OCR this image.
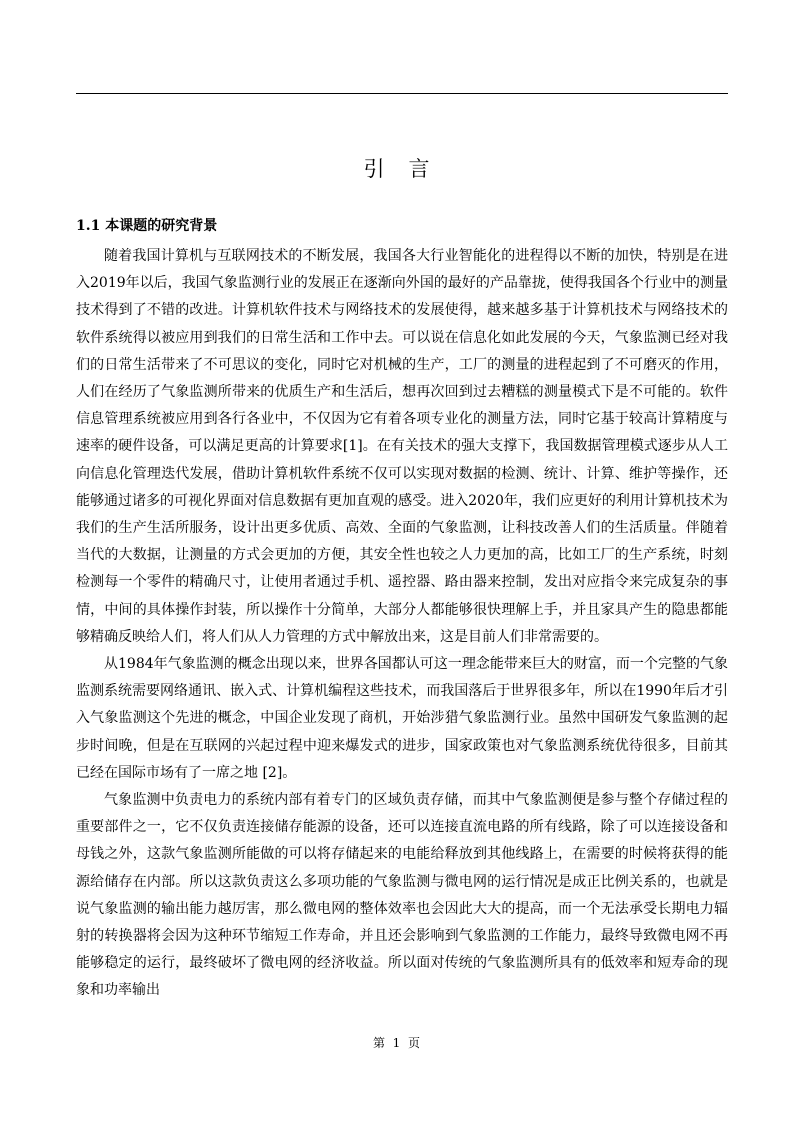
引言
1.1 本课题的研究背景

随着我国计算机与互联网技术的不断发展，我国各大行业智能化的进程得以不断的加快，特别是在进入2019年以后，我国气象监测行业的发展正在逐渐向外国的最好的产品靠拢，使得我国各个行业中的测量技术得到了不错的改进。计算机软件技术与网络技术的发展使得，越来越多基于计算机技术与网络技术的软件系统得以被应用到我们的日常生活和工作中去。可以说在信息化如此发展的今天，气象监测已经对我们的日常生活带来了不可思议的变化，同时它对机械的生产，工厂的测量的进程起到了不可磨灭的作用，人们在经历了气象监测所带来的优质生产和生活后，想再次回到过去糟糕的测量模式下是不可能的。软件信息管理系统被应用到各行各业中，不仅因为它有着各项专业化的测量方法，同时它基于较高计算精度与速率的硬件设备，可以满足更高的计算要求[1]。在有关技术的强大支撑下，我国数据管理模式逐步从人工向信息化管理迭代发展，借助计算机软件系统不仅可以实现对数据的检测、统计、计算、维护等操作，还能够通过诸多的可视化界面对信息数据有更加直观的感受。进入2020年，我们应更好的利用计算机技术为我们的生产生活所服务，设计出更多优质、高效、全面的气象监测，让科技改善人们的生活质量。伴随着当代的大数据，让测量的方式会更加的方便，其安全性也较之人力更加的高，比如工厂的生产系统，时刻检测每一个零件的精确尺寸，让使用者通过手机、遥控器、路由器来控制，发出对应指令来完成复杂的事情，中间的具体操作封装，所以操作十分简单，大部分人都能够很快理解上手，并且家具产生的隐患都能够精确反映给人们，将人们从人力管理的方式中解放出来，这是目前人们非常需要的。

从1984年气象监测的概念出现以来，世界各国都认可这一理念能带来巨大的财富，而一个完整的气象监测系统需要网络通讯、嵌入式、计算机编程这些技术，而我国落后于世界很多年，所以在1990年后才引入气象监测这个先进的概念，中国企业发现了商机，开始涉猎气象监测行业。虽然中国研发气象监测的起步时间晚，但是在互联网的兴起过程中迎来爆发式的进步，国家政策也对气象监测系统优待很多，目前其已经在国际市场有了一席之地 [2]。

气象监测中负责电力的系统内部有着专门的区域负责存储，而其中气象监测便是参与整个存储过程的重要部件之一，它不仅负责连接储存能源的设备，还可以连接直流电路的所有线路，除了可以连接设备和母钱之外，这款气象监测所能做的可以将存储起来的电能给释放到其他线路上，在需要的时候将获得的能源给储存在内部。所以这款负责这么多项功能的气象监测与微电网的运行情况是成正比例关系的，也就是说气象监测的输出能力越厉害，那么微电网的整体效率也会因此大大的提高，而一个无法承受长期电力辐射的转换器将会因为这种环节缩短工作寿命，并且还会影响到气象监测的工作能力，最终导致微电网不再能够稳定的运行，最终破坏了微电网的经济收益。所以面对传统的气象监测所具有的低效率和短寿命的现象和功率输出

第  1  页
